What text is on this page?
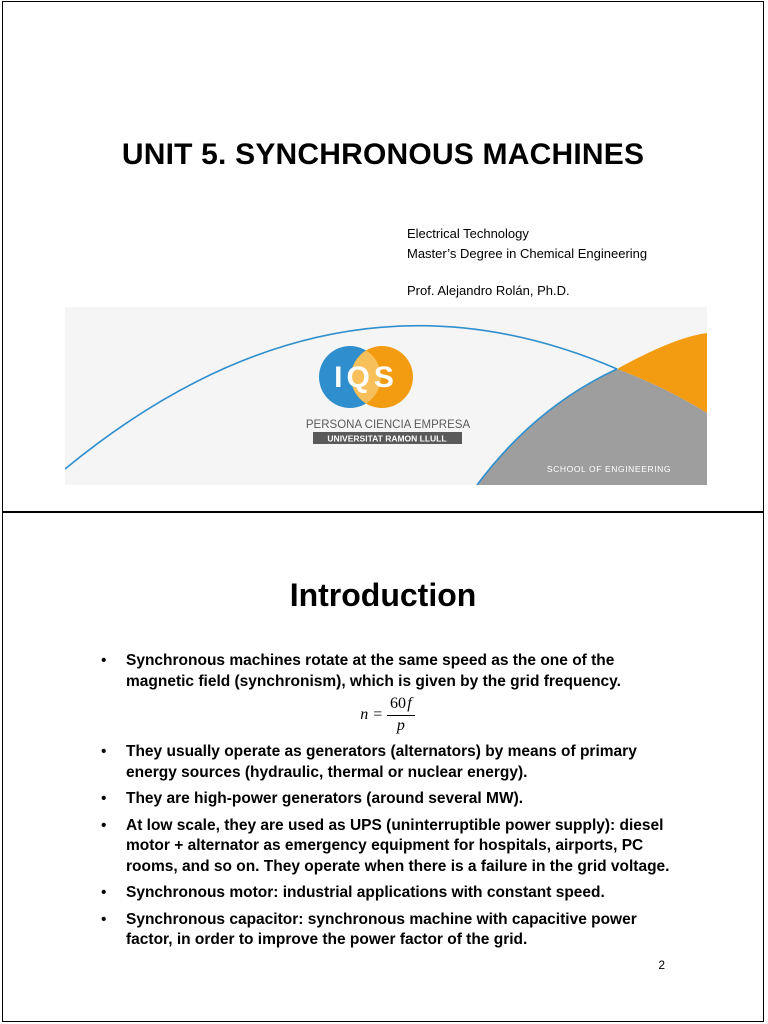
UNIT 5. SYNCHRONOUS MACHINES
Electrical Technology
Master’s Degree in Chemical Engineering
Prof. Alejandro Rolán, Ph.D.
IQS
PERSONA CIENCIA EMPRESA
UNIVERSITAT RAMON LLULL
SCHOOL OF ENGINEERING
Introduction
• Synchronous machines rotate at the same speed as the one of the magnetic field (synchronism), which is given by the grid frequency.
$n = \frac{60 f}{p}$
• They usually operate as generators (alternators) by means of primary energy sources (hydraulic, thermal or nuclear energy).
• They are high-power generators (around several MW).
• At low scale, they are used as UPS (uninterruptible power supply): diesel motor + alternator as emergency equipment for hospitals, airports, PC rooms, and so on. They operate when there is a failure in the grid voltage.
• Synchronous motor: industrial applications with constant speed.
• Synchronous capacitor: synchronous machine with capacitive power factor, in order to improve the power factor of the grid.
2
